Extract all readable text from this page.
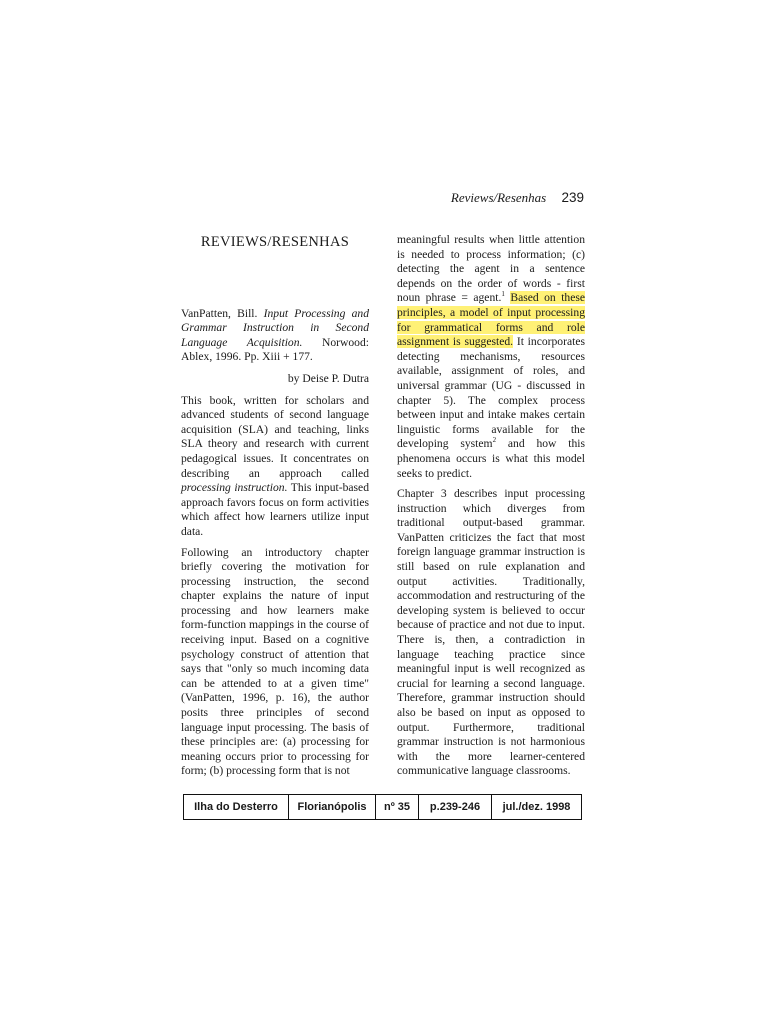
Reviews/Resenhas 239
REVIEWS/RESENHAS
VanPatten, Bill. Input Processing and Grammar Instruction in Second Language Acquisition. Norwood: Ablex, 1996. Pp. Xiii + 177.
by Deise P. Dutra

This book, written for scholars and advanced students of second language acquisition (SLA) and teaching, links SLA theory and research with current pedagogical issues. It concentrates on describing an approach called processing instruction. This input-based approach favors focus on form activities which affect how learners utilize input data.

Following an introductory chapter briefly covering the motivation for processing instruction, the second chapter explains the nature of input processing and how learners make form-function mappings in the course of receiving input. Based on a cognitive psychology construct of attention that says that "only so much incoming data can be attended to at a given time" (VanPatten, 1996, p. 16), the author posits three principles of second language input processing. The basis of these principles are: (a) processing for meaning occurs prior to processing for form; (b) processing form that is not

meaningful results when little attention is needed to process information; (c) detecting the agent in a sentence depends on the order of words - first noun phrase = agent.$^1$ Based on these principles, a model of input processing for grammatical forms and role assignment is suggested. It incorporates detecting mechanisms, resources available, assignment of roles, and universal grammar (UG - discussed in chapter 5). The complex process between input and intake makes certain linguistic forms available for the developing system$^2$ and how this phenomena occurs is what this model seeks to predict.

Chapter 3 describes input processing instruction which diverges from traditional output-based grammar. VanPatten criticizes the fact that most foreign language grammar instruction is still based on rule explanation and output activities. Traditionally, accommodation and restructuring of the developing system is believed to occur because of practice and not due to input. There is, then, a contradiction in language teaching practice since meaningful input is well recognized as crucial for learning a second language. Therefore, grammar instruction should also be based on input as opposed to output. Furthermore, traditional grammar instruction is not harmonious with the more learner-centered communicative language classrooms.

Ilha do Desterro	Florianópolis	nº 35	p.239-246	jul./dez. 1998
